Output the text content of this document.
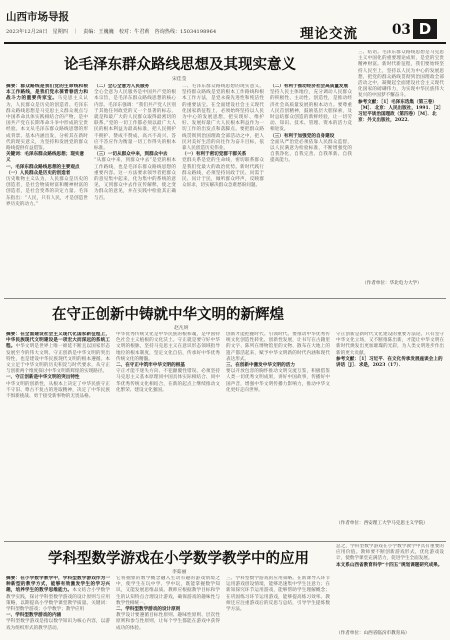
山西市场导报
2023年12月28日　星期四　｜　责编：王巍巍　校对：牛君莉　咨询热线：15034198964	理论交流	03 D
论毛泽东群众路线思想及其现实意义
宋佳莹
摘要：群众路线是我们党的生命线和根本工作路线，是我们党永葆青春活力和战斗力的重要传家宝。马克思主义认为，人民群众是历史的创造者。毛泽东群众路线思想是马克思主义群众观点与中国革命具体实践相结合的产物，是中国共产党在长期革命斗争中形成的宝贵经验。本文从毛泽东群众路线思想的形成背景、基本内涵出发，分析其在新时代的现实意义，为坚持和发展党的群众路线提供有益借鉴。
关键词：毛泽东群众路线思想；现实意义
一、毛泽东群众路线思想的主要观点
（一）人民群众是历史的创造者
历史唯物主义认为，人民群众是历史的创造者，是社会物质财富和精神财富的创造者，是社会变革的决定力量。毛泽东指出：“人民，只有人民，才是创造世界历史的动力。”
（二）全心全意为人民服务
全心全意为人民服务是中国共产党的根本宗旨，是毛泽东群众路线思想的核心内容。毛泽东强调：“我们共产党人区别于其他任何政党的又一个显著的标志，就是和最广大的人民群众取得最密切的联系。”党的一切工作都必须以最广大人民的根本利益为最高标准，把人民拥护不拥护、赞成不赞成、高兴不高兴、答应不答应作为衡量一切工作得失的根本标准。
（三）一切从群众中来，到群众中去
“从群众中来，到群众中去”是党的根本工作路线，也是毛泽东群众路线思想的重要内容。这一方法要求领导者把群众的意见集中起来，化为集中的系统的意见，又到群众中去作宣传解释，使之变为群众的意见，并在实践中检验其正确与否。
二、毛泽东群众路线思想的现实意义。坚持群众路线是党的根本工作路线和根本工作方法，是党永葆先进性和纯洁性的重要法宝。在全面建设社会主义现代化国家新征程上，必须始终坚持以人民为中心的发展思想，把实现好、维护好、发展好最广大人民根本利益作为一切工作的出发点和落脚点。要把群众路线贯彻到治国理政全部活动之中，把人民对美好生活的向往作为奋斗目标，依靠人民创造历史伟业。
（一）有利于密切党群干群关系
党群关系是党的生命线，密切联系群众是我们党最大的政治优势。新时代践行群众路线，必须坚持问政于民、问需于民、问计于民，倾听群众呼声，反映群众诉求，切实解决群众急难愁盼问题。
（二）有利于推动经济社会高质量发展
坚持人民主体地位，充分调动人民群众的积极性、主动性、创造性，是推动经济社会高质量发展的根本动力。要尊重人民首创精神，鼓励基层大胆探索，及时总结群众创造的新鲜经验，让一切劳动、知识、技术、管理、资本的活力竞相迸发。
（三）有利于加强党的自身建设
全面从严治党必须依靠人民群众监督，以人民满意为检验标准，不断增强党的自我净化、自我完善、自我革新、自我提高能力。
三、结语。毛泽东群众路线思想是马克思主义中国化的重要理论成果，是党的宝贵精神财富。新时代新征程，我们要始终坚持人民至上，坚持以人民为中心的发展思想，把党的群众路线贯彻到治国理政全部活动之中，凝聚起全面建设社会主义现代化国家的磅礴伟力，为实现中华民族伟大复兴的中国梦不懈奋斗。
参考文献：［1］毛泽东选集（第三卷）［M］．北京：人民出版社，1991．［2］习近平谈治国理政（第四卷）［M］．北京：外文出版社，2022．
（作者单位：华北电力大学）
在守正创新中铸就中华文明的新辉煌
赵凡妍
摘要：在全面建设社会主义现代化国家新征程上，中华民族现代文明建设是一项宏大而深远的系统工程。中华文明是世界上唯一绵延不断且以国家形态发展至今的伟大文明。守正创新是中华文明的突出特性，也是建设中华民族现代文明的根本遵循。本文立足于中华文明的历史积淀与时代要求，从守正与创新两个维度探讨中华文明新辉煌的实现路径。
一、守正创新是中华文明的突出特性
中华文明的创新性，从根本上决定了中华民族守正不守旧、尊古不复古的进取精神，决定了中华民族不惧新挑战、勇于接受新事物的无畏品格。
中华优秀传统文化是中华民族的根和魂，是中国特色社会主义植根的文化沃土。守正就是要守好中华文明的根脉，坚持马克思主义在意识形态领域指导地位的根本制度，坚定文化自信，传承好中华优秀传统文化的精髓。
二、在守正中筑牢中华文明的根基
守正才能不迷失方向、不犯颠覆性错误。必须坚持马克思主义基本原理同中国具体实际相结合、同中华优秀传统文化相结合，在新的起点上继续推动文化繁荣、建设文化强国。
创新才能把握时代、引领时代。要推动中华优秀传统文化创造性转化、创新性发展，让书写在古籍里的文字、陈列在博物馆里的文物、散布在大地上的遗产都活起来，赋予中华文明新的时代内涵和现代表达形式。
三、在创新中激发中华文明的活力
要以开放包容的胸怀推动文明交流互鉴，积极借鉴人类一切优秀文明成果，讲好中国故事，传播好中国声音，增强中华文明传播力影响力，推动中华文化更好走向世界。
守正创新是新时代文化建设的重要方法论。只有坚守中华文化立场，又不断推陈出新，才能让中华文明在新时代焕发出更加璀璨的光彩，为人类文明进步作出新的更大贡献。
参考文献：［1］习近平．在文化传承发展座谈会上的讲话［J］．求是，2023（17）．
（作者单位：西安理工大学马克思主义学院）
学科型数学游戏在小学数学教学中的应用
李茹丽
摘要：在小学数学教学中，学科型数学游戏作为一种新型的教学方式，能够有效激发学生的学习兴趣，培养学生的数学思维能力。本文结合小学数学教学实践，探讨学科型数学游戏的设计原则与应用策略，以期提高小学数学课堂教学质量。关键词：学科型数学游戏；小学数学；教学应用
一、学科型数学游戏的内涵
学科型数学游戏是指以数学知识为核心内容，以游戏为组织形式的教学活动。
它将抽象的数学概念融入生动有趣的游戏情境之中，使学生在玩中学、学中玩，既能掌握数学知识，又能发展思维品质。教师应根据教学目标和学生的认知特点合理设计游戏，确保游戏的趣味性与数学性相统一。
二、学科型数学游戏的设计原则
教学设计要遵循目标性原则、趣味性原则、层次性原则和参与性原则，让每个学生都能在游戏中获得成功的体验。
三、学科型数学游戏的应用策略。在新课导入环节运用游戏创设情境，能够迅速集中学生注意力；在新知探究环节运用游戏，能够帮助学生理解概念；在巩固练习环节运用游戏，能够提高练习效率。教师还应注重游戏后的反思与总结，引导学生提炼数学方法。
总之，学科型数学游戏在小学数学教学中具有重要的应用价值。教师要不断创新游戏形式，优化游戏设计，使数学课堂充满活力，促进学生全面发展。
本文系山西省教育科学“十四五”规划课题研究成果。
（作者单位：山西省临汾市教育局）
